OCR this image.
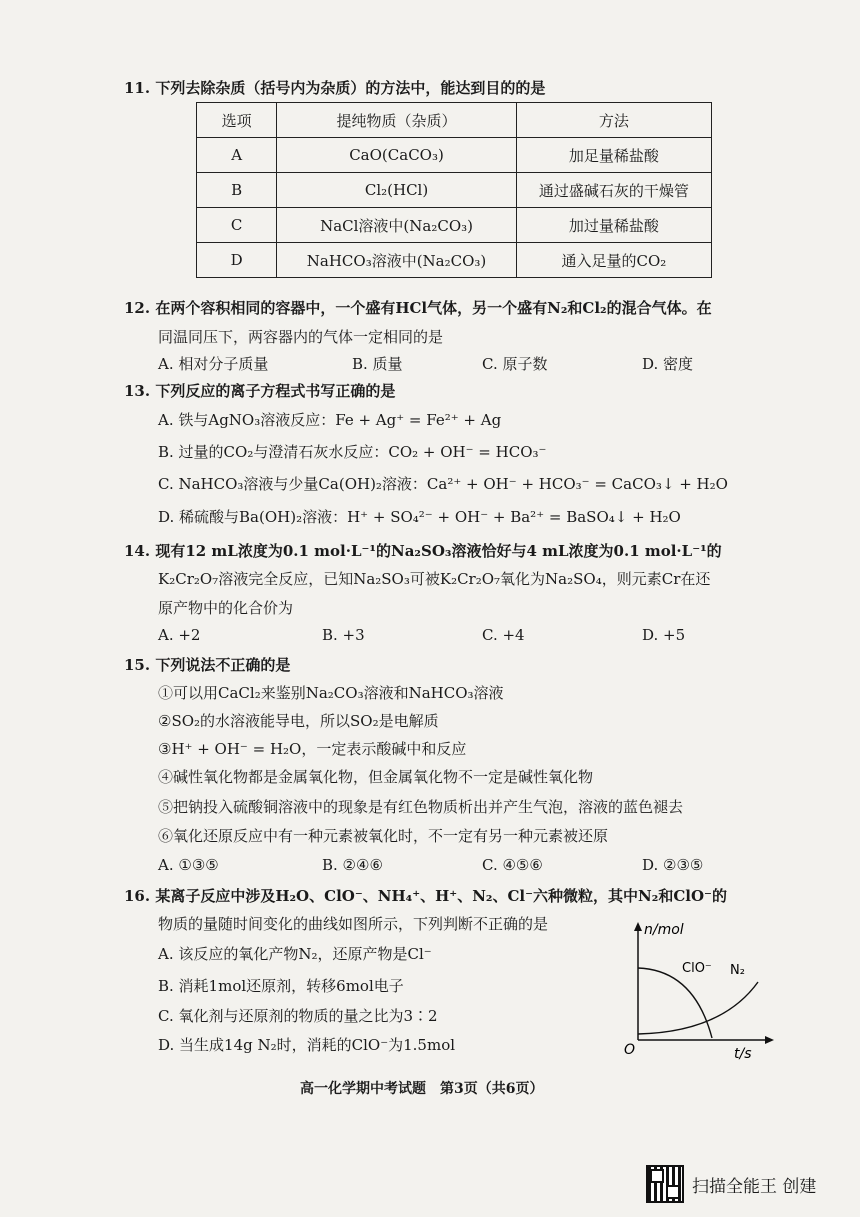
11. 下列去除杂质（括号内为杂质）的方法中，能达到目的的是
选项	提纯物质（杂质）	方法
A	CaO(CaCO₃)	加足量稀盐酸
B	Cl₂(HCl)	通过盛碱石灰的干燥管
C	NaCl溶液中(Na₂CO₃)	加过量稀盐酸
D	NaHCO₃溶液中(Na₂CO₃)	通入足量的CO₂
12. 在两个容积相同的容器中，一个盛有HCl气体，另一个盛有N₂和Cl₂的混合气体。在
同温同压下，两容器内的气体一定相同的是
A. 相对分子质量	B. 质量	C. 原子数	D. 密度
13. 下列反应的离子方程式书写正确的是
A. 铁与AgNO₃溶液反应：Fe + Ag⁺ = Fe²⁺ + Ag
B. 过量的CO₂与澄清石灰水反应：CO₂ + OH⁻ = HCO₃⁻
C. NaHCO₃溶液与少量Ca(OH)₂溶液：Ca²⁺ + OH⁻ + HCO₃⁻ = CaCO₃↓ + H₂O
D. 稀硫酸与Ba(OH)₂溶液：H⁺ + SO₄²⁻ + OH⁻ + Ba²⁺ = BaSO₄↓ + H₂O
14. 现有12 mL浓度为0.1 mol·L⁻¹的Na₂SO₃溶液恰好与4 mL浓度为0.1 mol·L⁻¹的
K₂Cr₂O₇溶液完全反应，已知Na₂SO₃可被K₂Cr₂O₇氧化为Na₂SO₄，则元素Cr在还
原产物中的化合价为
A. +2	B. +3	C. +4	D. +5
15. 下列说法不正确的是
①可以用CaCl₂来鉴别Na₂CO₃溶液和NaHCO₃溶液
②SO₂的水溶液能导电，所以SO₂是电解质
③H⁺ + OH⁻ = H₂O，一定表示酸碱中和反应
④碱性氧化物都是金属氧化物，但金属氧化物不一定是碱性氧化物
⑤把钠投入硫酸铜溶液中的现象是有红色物质析出并产生气泡，溶液的蓝色褪去
⑥氧化还原反应中有一种元素被氧化时，不一定有另一种元素被还原
A. ①③⑤	B. ②④⑥	C. ④⑤⑥	D. ②③⑤
16. 某离子反应中涉及H₂O、ClO⁻、NH₄⁺、H⁺、N₂、Cl⁻六种微粒，其中N₂和ClO⁻的
物质的量随时间变化的曲线如图所示，下列判断不正确的是
A. 该反应的氧化产物N₂，还原产物是Cl⁻
B. 消耗1mol还原剂，转移6mol电子
C. 氧化剂与还原剂的物质的量之比为3∶2
D. 当生成14g N₂时，消耗的ClO⁻为1.5mol
n/mol
t/s
O
ClO⁻ N₂
高一化学期中考试题　第3页（共6页）
扫描全能王 创建
